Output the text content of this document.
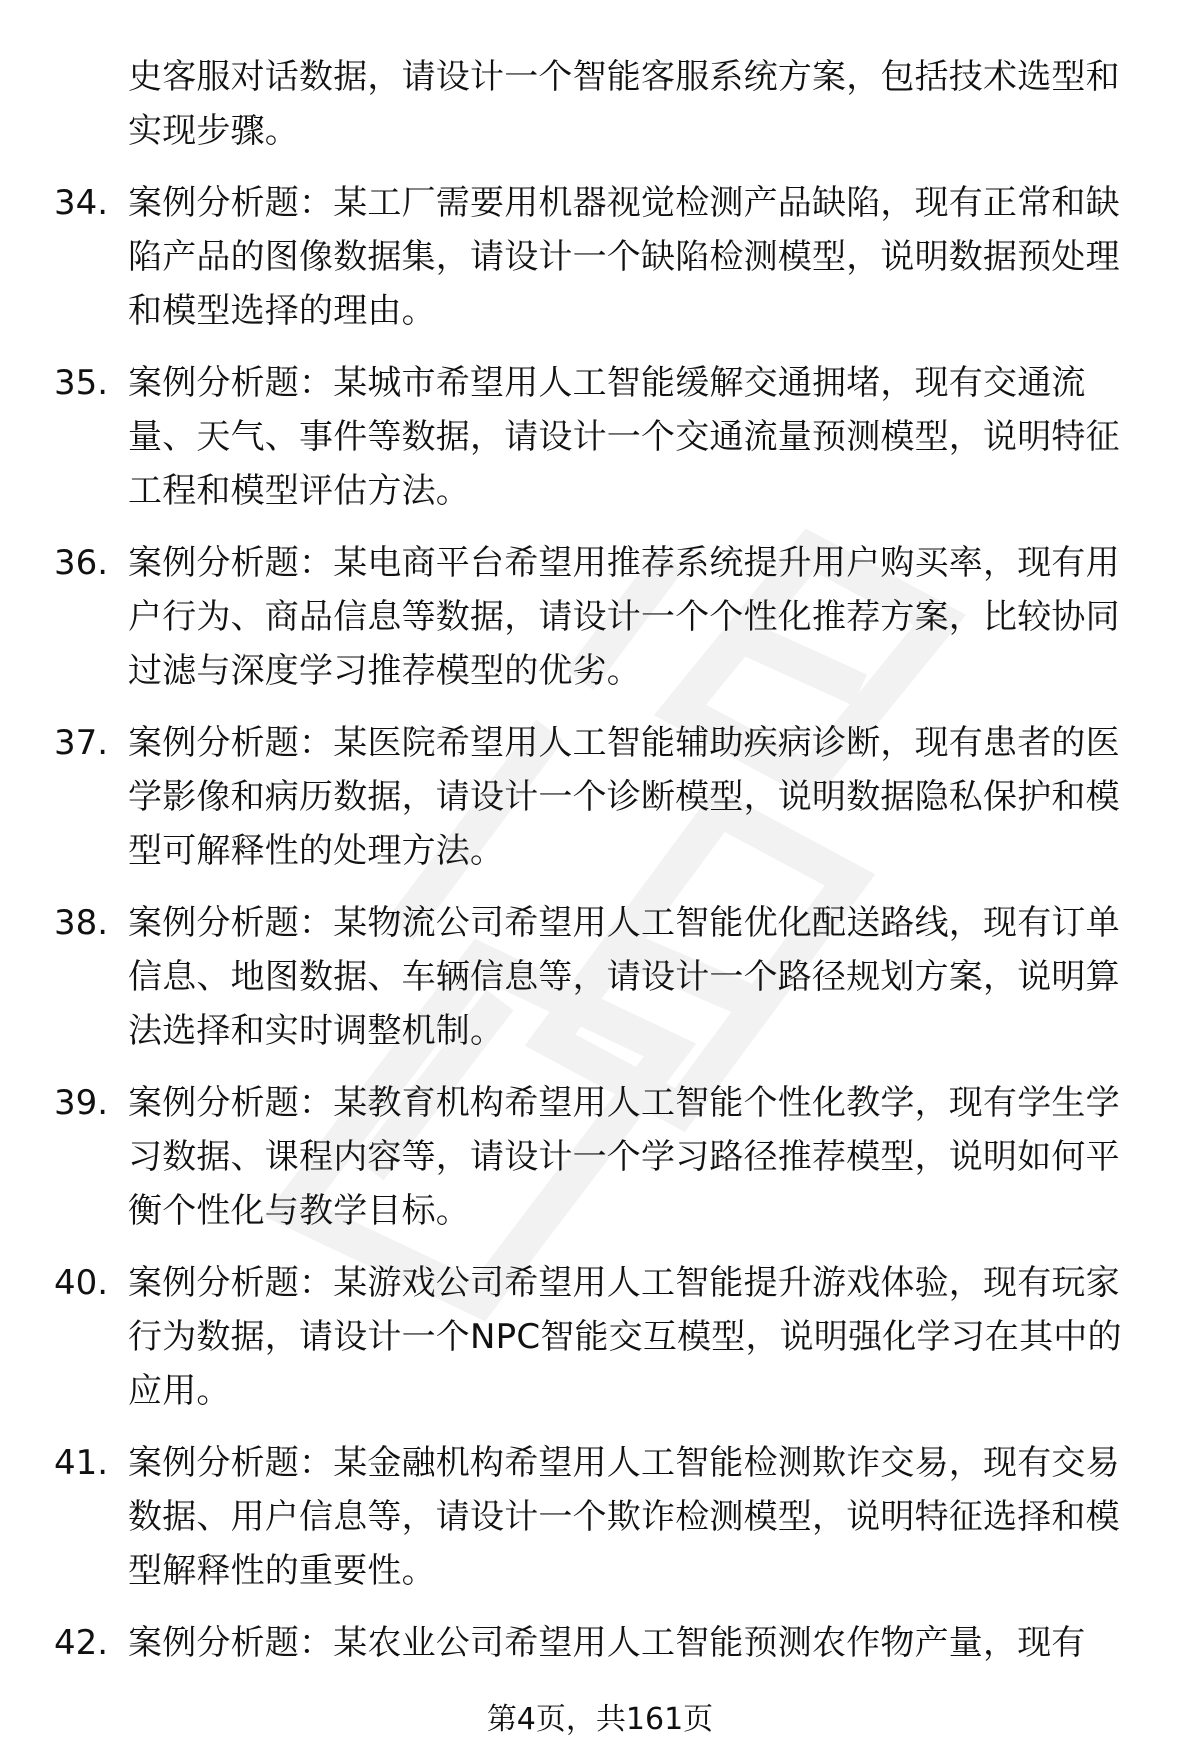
史客服对话数据，请设计一个智能客服系统方案，包括技术选型和实现步骤。
34. 案例分析题：某工厂需要用机器视觉检测产品缺陷，现有正常和缺陷产品的图像数据集，请设计一个缺陷检测模型，说明数据预处理和模型选择的理由。
35. 案例分析题：某城市希望用人工智能缓解交通拥堵，现有交通流量、天气、事件等数据，请设计一个交通流量预测模型，说明特征工程和模型评估方法。
36. 案例分析题：某电商平台希望用推荐系统提升用户购买率，现有用户行为、商品信息等数据，请设计一个个性化推荐方案，比较协同过滤与深度学习推荐模型的优劣。
37. 案例分析题：某医院希望用人工智能辅助疾病诊断，现有患者的医学影像和病历数据，请设计一个诊断模型，说明数据隐私保护和模型可解释性的处理方法。
38. 案例分析题：某物流公司希望用人工智能优化配送路线，现有订单信息、地图数据、车辆信息等，请设计一个路径规划方案，说明算法选择和实时调整机制。
39. 案例分析题：某教育机构希望用人工智能个性化教学，现有学生学习数据、课程内容等，请设计一个学习路径推荐模型，说明如何平衡个性化与教学目标。
40. 案例分析题：某游戏公司希望用人工智能提升游戏体验，现有玩家行为数据，请设计一个NPC智能交互模型，说明强化学习在其中的应用。
41. 案例分析题：某金融机构希望用人工智能检测欺诈交易，现有交易数据、用户信息等，请设计一个欺诈检测模型，说明特征选择和模型解释性的重要性。
42. 案例分析题：某农业公司希望用人工智能预测农作物产量，现有
第4页，共161页
